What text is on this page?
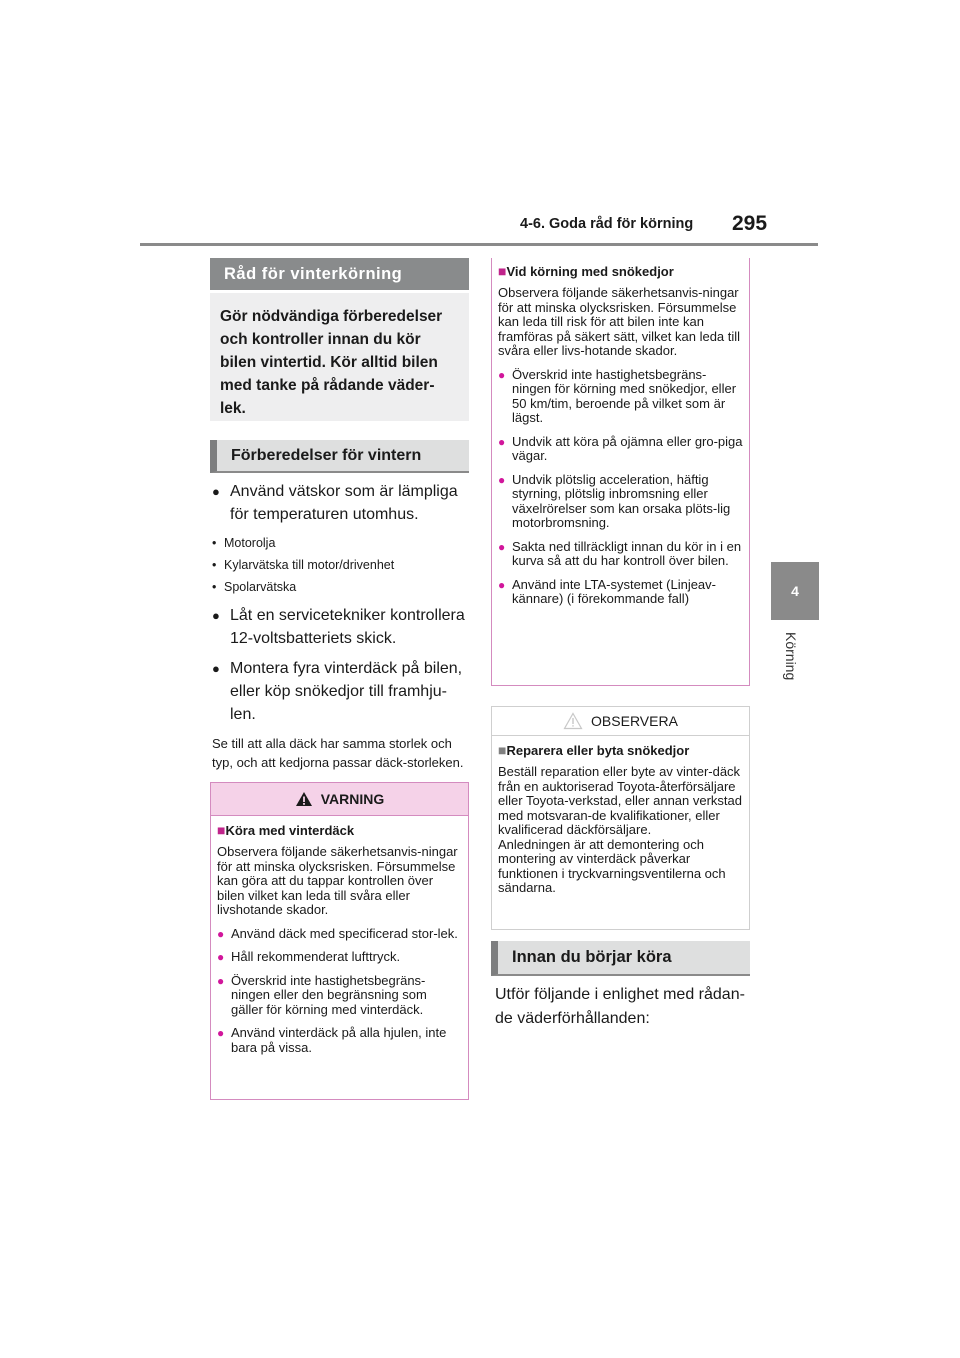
4-6. Goda råd för körning 295
4
Körning
Råd för vinterkörning
Gör nödvändiga förberedelser och kontroller innan du kör bilen vintertid. Kör alltid bilen med tanke på rådande väder-lek.
Förberedelser för vintern
● Använd vätskor som är lämpliga för temperaturen utomhus.
• Motorolja
• Kylarvätska till motor/drivenhet
• Spolarvätska
● Låt en servicetekniker kontrollera 12-voltsbatteriets skick.
● Montera fyra vinterdäck på bilen, eller köp snökedjor till framhju-len.
Se till att alla däck har samma storlek och typ, och att kedjorna passar däck-storleken.
VARNING
■Köra med vinterdäck
Observera följande säkerhetsanvis-ningar för att minska olycksrisken. Försummelse kan göra att du tappar kontrollen över bilen vilket kan leda till svåra eller livshotande skador.
● Använd däck med specificerad stor-lek.
● Håll rekommenderat lufttryck.
● Överskrid inte hastighetsbegräns-ningen eller den begränsning som gäller för körning med vinterdäck.
● Använd vinterdäck på alla hjulen, inte bara på vissa.
■Vid körning med snökedjor
Observera följande säkerhetsanvis-ningar för att minska olycksrisken. Försummelse kan leda till risk för att bilen inte kan framföras på säkert sätt, vilket kan leda till svåra eller livs-hotande skador.
● Överskrid inte hastighetsbegräns-ningen för körning med snökedjor, eller 50 km/tim, beroende på vilket som är lägst.
● Undvik att köra på ojämna eller gro-piga vägar.
● Undvik plötslig acceleration, häftig styrning, plötslig inbromsning eller växelrörelser som kan orsaka plöts-lig motorbromsning.
● Sakta ned tillräckligt innan du kör in i en kurva så att du har kontroll över bilen.
● Använd inte LTA-systemet (Linjeav-kännare) (i förekommande fall)
OBSERVERA
■Reparera eller byta snökedjor
Beställ reparation eller byte av vinter-däck från en auktoriserad Toyota-återförsäljare eller Toyota-verkstad, eller annan verkstad med motsvaran-de kvalifikationer, eller kvalificerad däckförsäljare.
Anledningen är att demontering och montering av vinterdäck påverkar funktionen i tryckvarningsventilerna och sändarna.
Innan du börjar köra
Utför följande i enlighet med rådan-de väderförhållanden:
